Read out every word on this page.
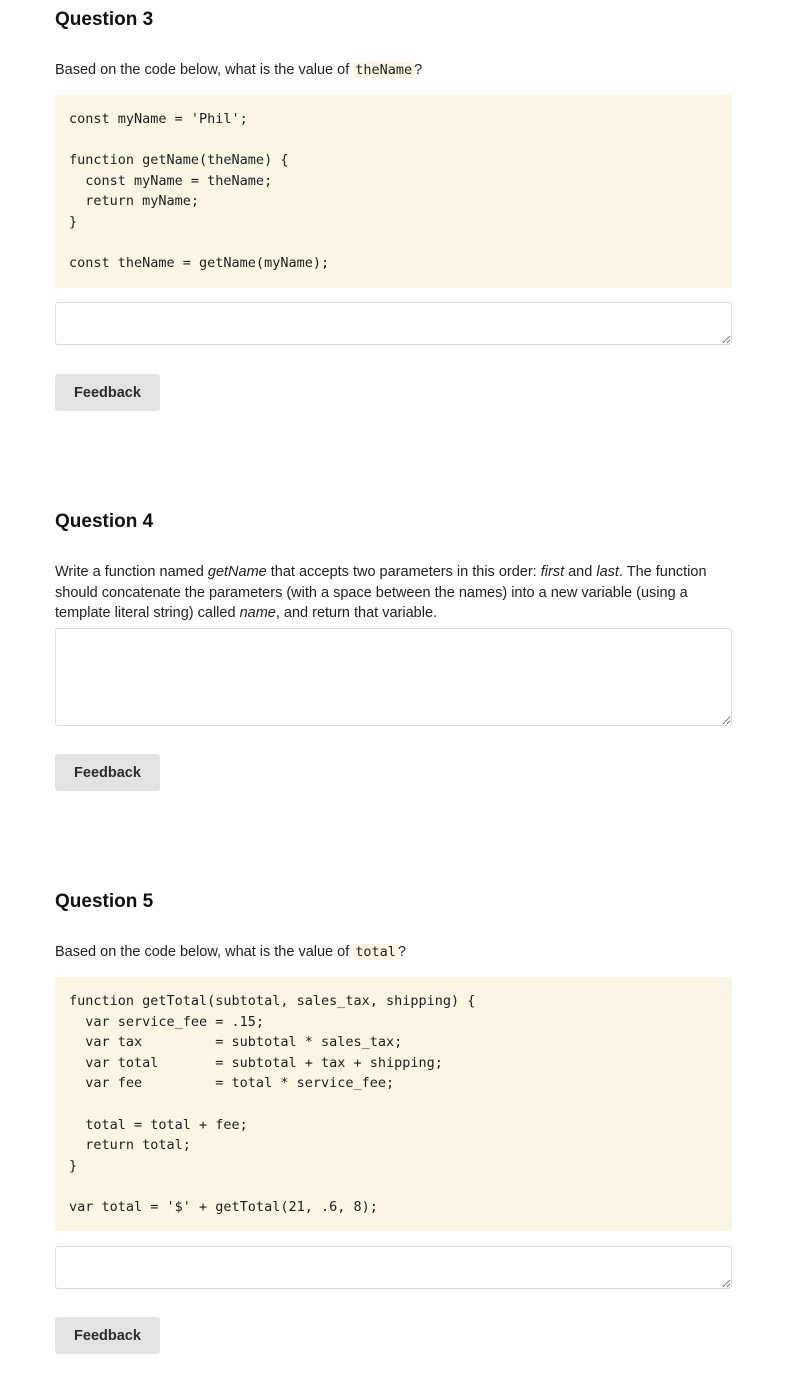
Question 3

Based on the code below, what is the value of theName ?

const myName = 'Phil';
function getName(theName) {
const myName = theName;
return myName;
}
const theName = getName(myName);
Feedback
Question 4

Write a function named getName that accepts two parameters in this order: first and last. The function should concatenate the parameters (with a space between the names) into a new variable (using a template literal string) called name, and return that variable.

Feedback
Question 5

Based on the code below, what is the value of total ?

function getTotal(subtotal, sales_tax, shipping) {
var service_fee = .15;
var tax         = subtotal * sales_tax;
var total       = subtotal + tax + shipping;
var fee         = total * service_fee;
total = total + fee;
return total;
}
var total = '$' + getTotal(21, .6, 8);
Feedback
